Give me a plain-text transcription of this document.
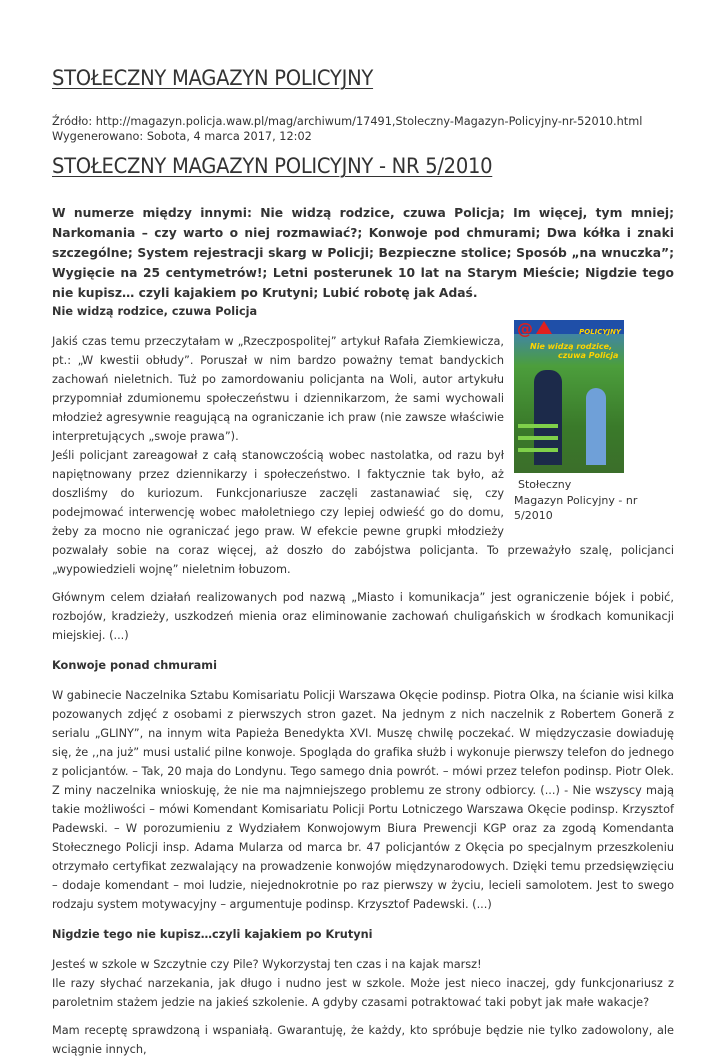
STOŁECZNY MAGAZYN POLICYJNY
Źródło: http://magazyn.policja.waw.pl/mag/archiwum/17491,Stoleczny-Magazyn-Policyjny-nr-52010.html
Wygenerowano: Sobota, 4 marca 2017, 12:02
STOŁECZNY MAGAZYN POLICYJNY - NR 5/2010

W numerze między innymi: Nie widzą rodzice, czuwa Policja; Im więcej, tym mniej; Narkomania – czy warto o niej rozmawiać?; Konwoje pod chmurami; Dwa kółka i znaki szczególne; System rejestracji skarg w Policji; Bezpieczne stolice; Sposób „na wnuczka”; Wygięcie na 25 centymetrów!; Letni posterunek 10 lat na Starym Mieście; Nigdzie tego nie kupisz… czyli kajakiem po Krutyni; Lubić robotę jak Adaś.

Nie widzą rodzice, czuwa Policja
@	POLICYJNY
Nie widzą rodzice,
czuwa Policja
Stołeczny
Magazyn Policyjny - nr 5/2010

Jakiś czas temu przeczytałam w „Rzeczpospolitej” artykuł Rafała Ziemkiewicza, pt.: „W kwestii obłudy”. Poruszał w nim bardzo poważny temat bandyckich zachowań nieletnich. Tuż po zamordowaniu policjanta na Woli, autor artykułu przypomniał zdumionemu społeczeństwu i dziennikarzom, że sami wychowali młodzież agresywnie reagującą na ograniczanie ich praw (nie zawsze właściwie interpretujących „swoje prawa”).

Jeśli policjant zareagował z całą stanowczością wobec nastolatka, od razu był napiętnowany przez dziennikarzy i społeczeństwo. I faktycznie tak było, aż doszliśmy do kuriozum. Funkcjonariusze zaczęli zastanawiać się, czy podejmować interwencję wobec małoletniego czy lepiej odwieść go do domu, żeby za mocno nie ograniczać jego praw. W efekcie pewne grupki młodzieży pozwalały sobie na coraz więcej, aż doszło do zabójstwa policjanta. To przeważyło szalę, policjanci „wypowiedzieli wojnę” nieletnim łobuzom.

Głównym celem działań realizowanych pod nazwą „Miasto i komunikacja” jest ograniczenie bójek i pobić, rozbojów, kradzieży, uszkodzeń mienia oraz eliminowanie zachowań chuligańskich w środkach komunikacji miejskiej. (...)

Konwoje ponad chmurami

W gabinecie Naczelnika Sztabu Komisariatu Policji Warszawa Okęcie podinsp. Piotra Olka, na ścianie wisi kilka pozowanych zdjęć z osobami z pierwszych stron gazet. Na jednym z nich naczelnik z Robertem Goneră z serialu „GLINY”, na innym wita Papieża Benedykta XVI. Muszę chwilę poczekać. W międzyczasie dowiaduję się, że ,,na już” musi ustalić pilne konwoje. Spogląda do grafika służb i wykonuje pierwszy telefon do jednego z policjantów. – Tak, 20 maja do Londynu. Tego samego dnia powrót. – mówi przez telefon podinsp. Piotr Olek. Z miny naczelnika wnioskuję, że nie ma najmniejszego problemu ze strony odbiorcy. (...) - Nie wszyscy mają takie możliwości – mówi Komendant Komisariatu Policji Portu Lotniczego Warszawa Okęcie podinsp. Krzysztof Padewski. – W porozumieniu z Wydziałem Konwojowym Biura Prewencji KGP oraz za zgodą Komendanta Stołecznego Policji insp. Adama Mularza od marca br. 47 policjantów z Okęcia po specjalnym przeszkoleniu otrzymało certyfikat zezwalający na prowadzenie konwojów międzynarodowych. Dzięki temu przedsięwzięciu – dodaje komendant – moi ludzie, niejednokrotnie po raz pierwszy w życiu, lecieli samolotem. Jest to swego rodzaju system motywacyjny – argumentuje podinsp. Krzysztof Padewski. (...)

Nigdzie tego nie kupisz…czyli kajakiem po Krutyni

Jesteś w szkole w Szczytnie czy Pile? Wykorzystaj ten czas i na kajak marsz!

Ile razy słychać narzekania, jak długo i nudno jest w szkole. Może jest nieco inaczej, gdy funkcjonariusz z paroletnim stażem jedzie na jakieś szkolenie. A gdyby czasami potraktować taki pobyt jak małe wakacje?

Mam receptę sprawdzoną i wspaniałą. Gwarantuję, że każdy, kto spróbuje będzie nie tylko zadowolony, ale wciągnie innych,
